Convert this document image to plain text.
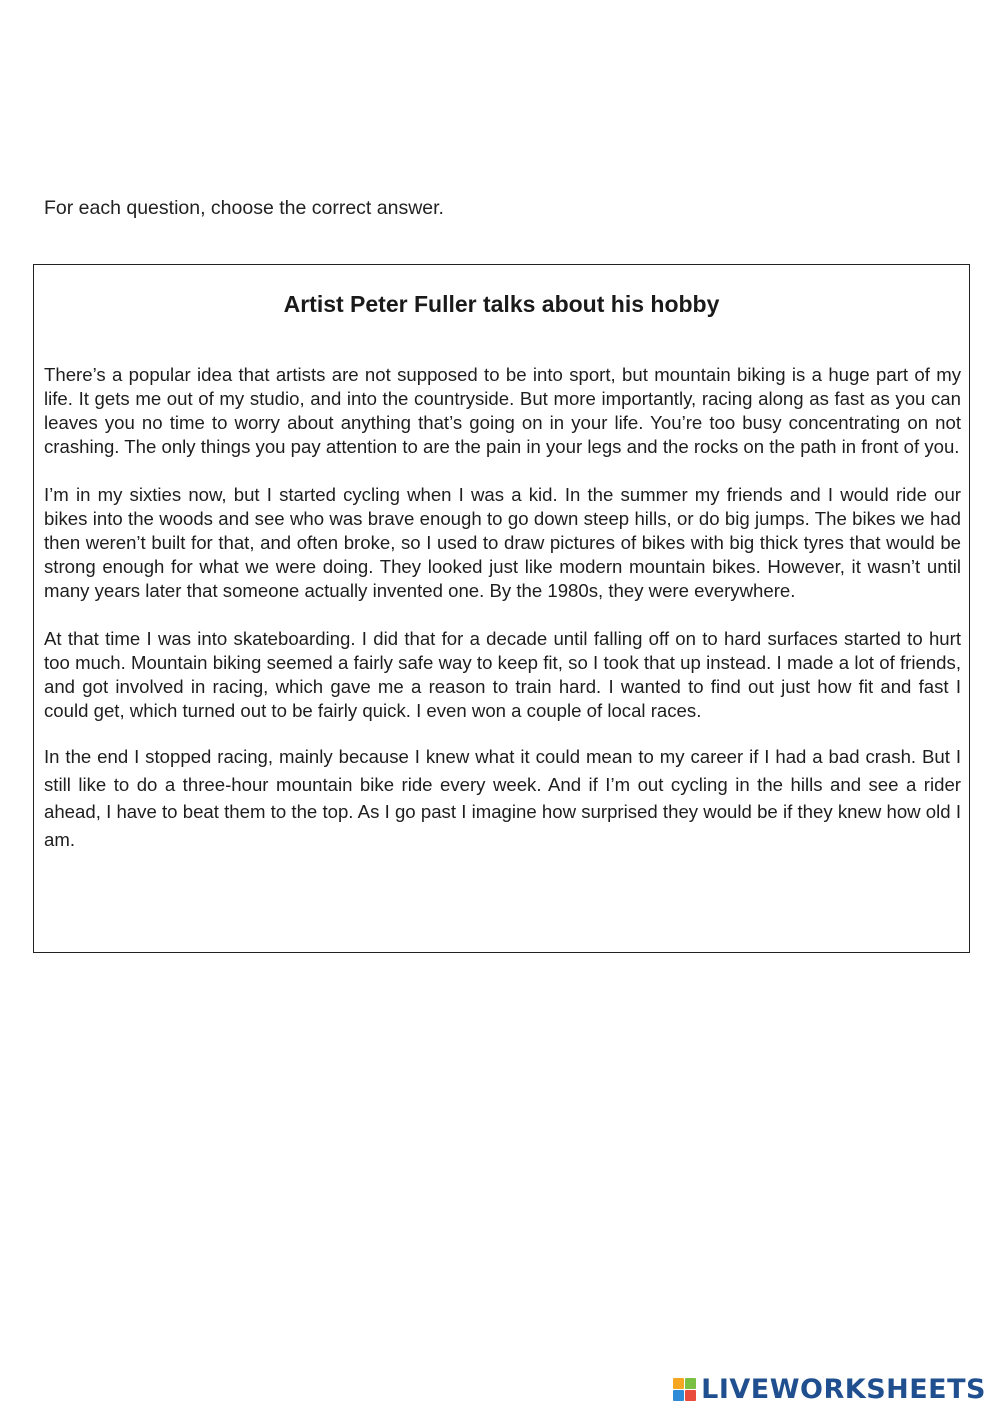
For each question, choose the correct answer.
Artist Peter Fuller talks about his hobby

There’s a popular idea that artists are not supposed to be into sport, but mountain biking is a huge part of my life. It gets me out of my studio, and into the countryside. But more importantly, racing along as fast as you can leaves you no time to worry about anything that’s going on in your life. You’re too busy concentrating on not crashing. The only things you pay attention to are the pain in your legs and the rocks on the path in front of you.

I’m in my sixties now, but I started cycling when I was a kid. In the summer my friends and I would ride our bikes into the woods and see who was brave enough to go down steep hills, or do big jumps. The bikes we had then weren’t built for that, and often broke, so I used to draw pictures of bikes with big thick tyres that would be strong enough for what we were doing. They looked just like modern mountain bikes. However, it wasn’t until many years later that someone actually invented one. By the 1980s, they were everywhere.

At that time I was into skateboarding. I did that for a decade until falling off on to hard surfaces started to hurt too much. Mountain biking seemed a fairly safe way to keep fit, so I took that up instead. I made a lot of friends, and got involved in racing, which gave me a reason to train hard. I wanted to find out just how fit and fast I could get, which turned out to be fairly quick. I even won a couple of local races.

In the end I stopped racing, mainly because I knew what it could mean to my career if I had a bad crash. But I still like to do a three-hour mountain bike ride every week. And if I’m out cycling in the hills and see a rider ahead, I have to beat them to the top. As I go past I imagine how surprised they would be if they knew how old I am.

LIVEWORKSHEETS
